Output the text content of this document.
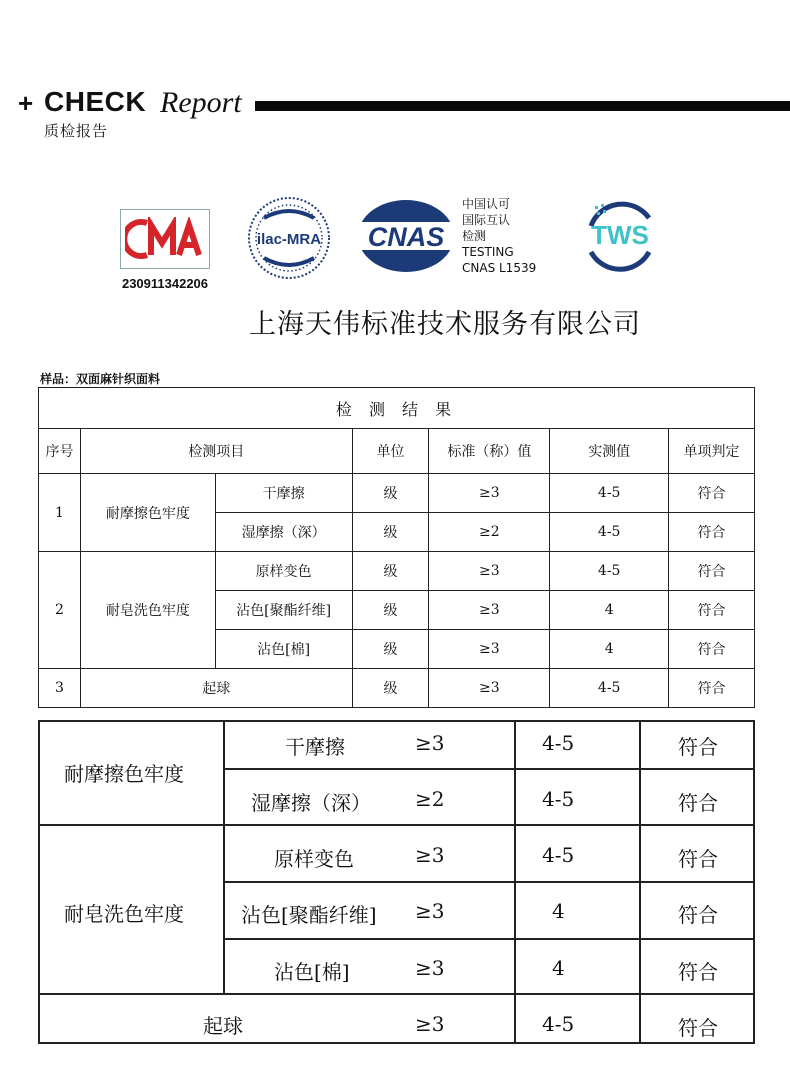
+ CHECK Report
质检报告
230911342206
ilac-MRA CNAS
中国认可
国际互认
检测
TESTING
CNAS L1539
TWS
上海天伟标准技术服务有限公司
样品：双面麻针织面料
检 测 结 果						
序号	检测项目		单位	标准（称）值	实测值	单项判定
1	耐摩擦色牢度	干摩擦	级	≥3	4-5	符合
		湿摩擦（深）	级	≥2	4-5	符合
2	耐皂洗色牢度	原样变色	级	≥3	4-5	符合
		沾色[聚酯纤维]	级	≥3	4	符合
		沾色[棉]	级	≥3	4	符合
3	起球		级	≥3	4-5	符合
耐摩擦色牢度
干摩擦	≥3	4-5	符合
湿摩擦（深） ≥2	4-5	符合
耐皂洗色牢度
原样变色	≥3	4-5	符合
沾色[聚酯纤维] ≥3	4	符合
沾色[棉]	≥3	4	符合
起球	≥3	4-5	符合
